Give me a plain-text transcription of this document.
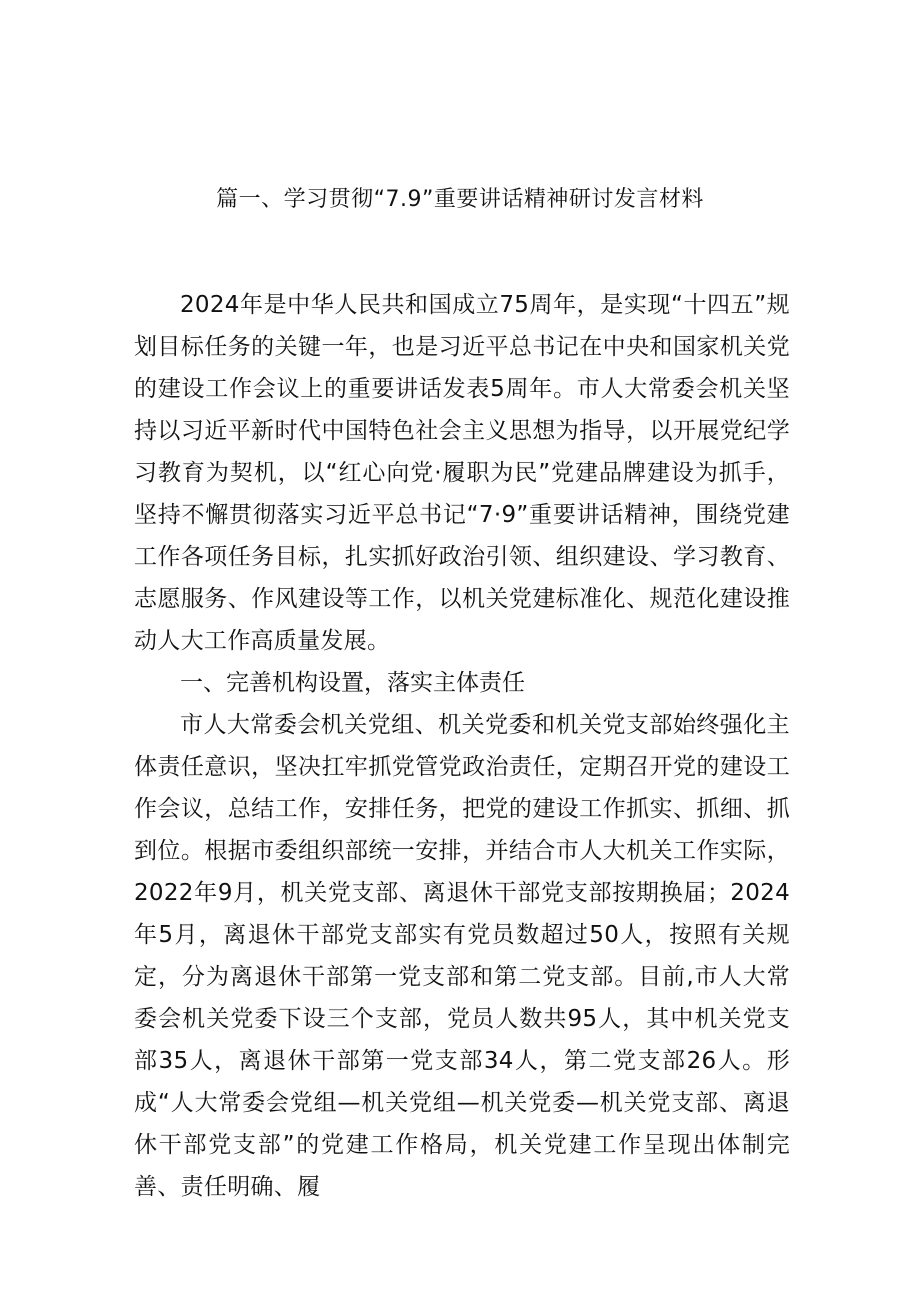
篇一、学习贯彻“7.9”重要讲话精神研讨发言材料

2024年是中华人民共和国成立75周年，是实现“十四五”规划目标任务的关键一年，也是习近平总书记在中央和国家机关党的建设工作会议上的重要讲话发表5周年。市人大常委会机关坚持以习近平新时代中国特色社会主义思想为指导，以开展党纪学习教育为契机，以“红心向党·履职为民”党建品牌建设为抓手，坚持不懈贯彻落实习近平总书记“7·9”重要讲话精神，围绕党建工作各项任务目标，扎实抓好政治引领、组织建设、学习教育、志愿服务、作风建设等工作，以机关党建标准化、规范化建设推动人大工作高质量发展。

一、完善机构设置，落实主体责任

市人大常委会机关党组、机关党委和机关党支部始终强化主体责任意识，坚决扛牢抓党管党政治责任，定期召开党的建设工作会议，总结工作，安排任务，把党的建设工作抓实、抓细、抓到位。根据市委组织部统一安排，并结合市人大机关工作实际，2022年9月，机关党支部、离退休干部党支部按期换届；2024年5月，离退休干部党支部实有党员数超过50人，按照有关规定，分为离退休干部第一党支部和第二党支部。目前,市人大常委会机关党委下设三个支部，党员人数共95人，其中机关党支部35人，离退休干部第一党支部34人，第二党支部26人。形成“人大常委会党组—机关党组—机关党委—机关党支部、离退休干部党支部”的党建工作格局，机关党建工作呈现出体制完善、责任明确、履
